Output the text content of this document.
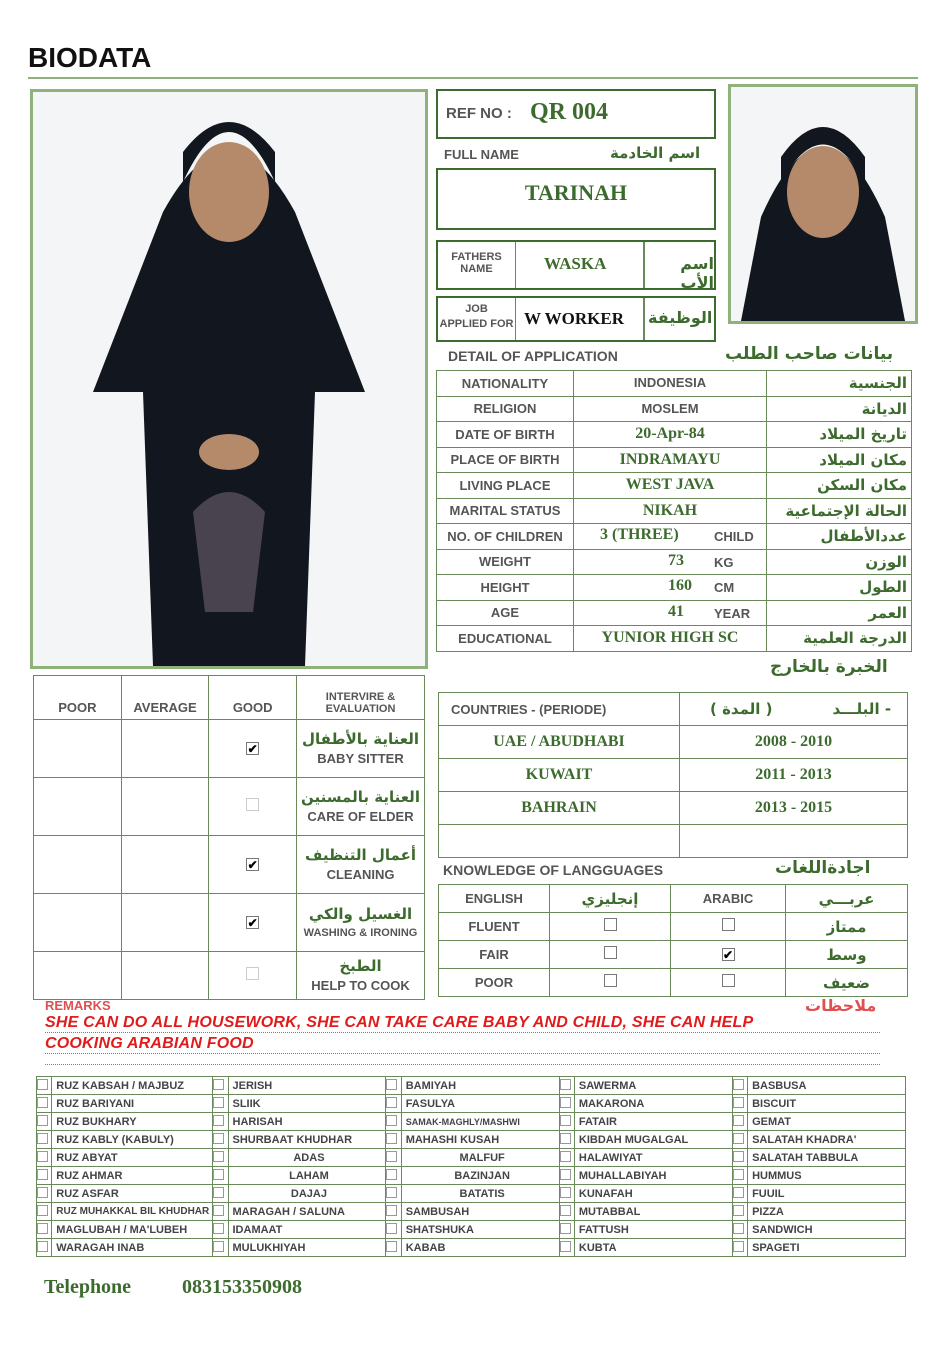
BIODATA
REF NO : QR 004
FULL NAME	اسم الخادمة
TARINAH
FATHERS
NAME	WASKA	اسم الأب
JOB
APPLIED FOR W WORKER الوظيفة
DETAIL OF APPLICATION	بيانات صاحب الطلب
NATIONALITY	INDONESIA	الجنسية
RELIGION	MOSLEM	الديانة
DATE OF BIRTH	20-Apr-84	تاريخ الميلاد
PLACE OF BIRTH	INDRAMAYU	مكان الميلاد
LIVING PLACE	WEST JAVA	مكان السكن
MARITAL STATUS	NIKAH	الحالة الإجتماعية
NO. OF CHILDREN	3 (THREE) CHILD	عددالأطفال
WEIGHT	73 KG	الوزن
HEIGHT	160 CM	الطول
AGE	41 YEAR	العمر
EDUCATIONAL	YUNIOR HIGH SC	الدرجة العلمية
الخبرة بالخارج
COUNTRIES - (PERIODE)	( المدة ) البلـــد -
UAE / ABUDHABI	2008 - 2010
KUWAIT	2011 - 2013
BAHRAIN	2013 - 2015

POOR	AVERAGE	GOOD	INTERVIRE & EVALUATION
		✔	العناية بالأطفال
BABY SITTER

			العناية بالمسنين
CARE OF ELDER

		✔	أعمال التنظيف
CLEANING

		✔	الغسيل والكي
WASHING & IRONING

			الطبخ
HELP TO COOK
KNOWLEDGE OF LANGGUAGES	اجادةاللغات
ENGLISH	إنجليزي	ARABIC	عربـــي
FLUENT			ممتاز
FAIR		✔	وسط
POOR			ضعيف
REMARKS	ملاحظات
SHE CAN DO ALL HOUSEWORK, SHE CAN TAKE CARE BABY AND CHILD, SHE CAN HELP
COOKING ARABIAN FOOD
	RUZ KABSAH / MAJBUZ		JERISH		BAMIYAH		SAWERMA		BASBUSA
	RUZ BARIYANI		SLIIK		FASULYA		MAKARONA		BISCUIT
	RUZ BUKHARY		HARISAH		SAMAK-MAGHLY/MASHWI		FATAIR		GEMAT
	RUZ KABLY (KABULY)		SHURBAAT KHUDHAR		MAHASHI KUSAH		KIBDAH MUGALGAL		SALATAH KHADRA'
	RUZ ABYAT		ADAS		MALFUF		HALAWIYAT		SALATAH TABBULA
	RUZ AHMAR		LAHAM		BAZINJAN		MUHALLABIYAH		HUMMUS
	RUZ ASFAR		DAJAJ		BATATIS		KUNAFAH		FUUIL
	RUZ MUHAKKAL BIL KHUDHAR		MARAGAH / SALUNA		SAMBUSAH		MUTABBAL		PIZZA
	MAGLUBAH / MA'LUBEH		IDAMAAT		SHATSHUKA		FATTUSH		SANDWICH
	WARAGAH INAB		MULUKHIYAH		KABAB		KUBTA		SPAGETI
Telephone	083153350908
